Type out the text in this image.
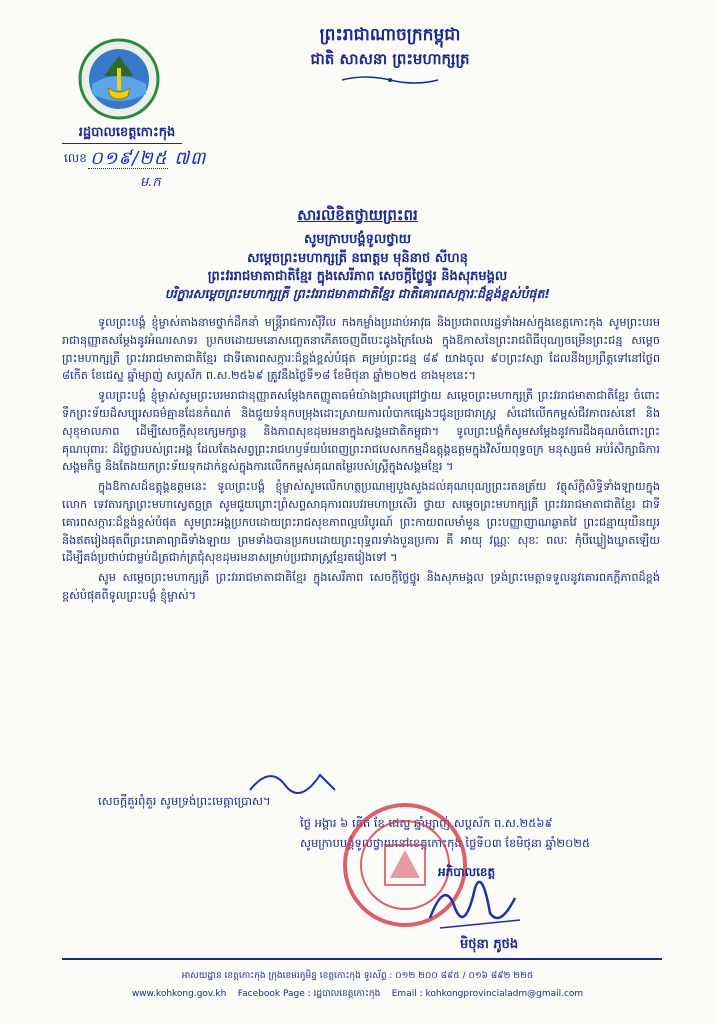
រដ្ឋបាលខេត្តកោះកុង
លេខ ០១៩/២៥ ៧៣
ម.ក
ព្រះរាជាណាចក្រកម្ពុជា
ជាតិ សាសនា ព្រះមហាក្សត្រ
សារលិខិតថ្វាយព្រះពរ
សូមក្រាបបង្គំទូលថ្វាយ
សម្តេចព្រះមហាក្សត្រី នរោត្តម មុនិនាថ សីហនុ
ព្រះវររាជមាតាជាតិខ្មែរ ក្នុងសេរីភាព សេចក្តីថ្លៃថ្នូរ និងសុភមង្គល
បរិក្ខារសម្តេចព្រះមហាក្សត្រី ព្រះវររាជមាតាជាតិខ្មែរ ជាតិគោរពសក្ការៈដ៏ខ្ពង់ខ្ពស់បំផុត!

ទូលព្រះបង្គំ ខ្ញុំម្ចាស់តាងនាមថ្នាក់ដឹកនាំ មន្ត្រីរាជការស៊ីវិល កងកម្លាំងប្រដាប់អាវុធ និងប្រជាពលរដ្ឋទាំងអស់ក្នុងខេត្តកោះកុង សូមព្រះបរមរាជានុញ្ញាតសម្តែងនូវអំណរសាទរ ប្រកបដោយមនោសញ្ចេតនាកើតចេញពីបេះដូងក្រៃលែង ក្នុងឱកាសនៃព្រះរាជពិធីបុណ្យចម្រើនព្រះជន្ម សម្តេចព្រះមហាក្សត្រី ព្រះវររាជមាតាជាតិខ្មែរ ជាទីគោរពសក្ការៈដ៏ខ្ពង់ខ្ពស់បំផុត គម្រប់ព្រះជន្ម ៨៩ យាងចូល ៩០ព្រះវស្សា ដែលនឹងប្រព្រឹត្តទៅនៅថ្ងៃព ៨កើត ខែជេស្ឋ ឆ្នាំម្សាញ់ សប្តស័ក ព.ស.២៥៦៩ ត្រូវនឹងថ្ងៃទី១៨ ខែមិថុនា ឆ្នាំ២០២៥ ខាងមុខនេះ។

ទូលព្រះបង្គំ ខ្ញុំម្ចាស់សូមព្រះបរមរាជានុញ្ញាតសម្តែងកតញ្ញូតាធម៌យ៉ាងជ្រាលជ្រៅថ្វាយ សម្តេចព្រះមហាក្សត្រី ព្រះវររាជមាតាជាតិខ្មែរ ចំពោះទឹកព្រះទ័យដ៏សប្បុរសធម៌គ្មានដែនកំណត់ និងជួយទំនុកបម្រុងដោះស្រាយការលំបាកផ្សេងៗជូនប្រជារាស្ត្រ សំដៅលើកកម្ពស់ជីវភាពរស់នៅ និងសុខុមាលភាព ដើម្បីសេចក្តីសុខក្សេមក្សាន្ត និងភាពសុខដុមរមនាក្នុងសង្គមជាតិកម្ពុជា។ ទូលព្រះបង្គំក៏សូមសម្តែងនូវការដឹងគុណចំពោះព្រះគុណបុពារៈ ដ៏ថ្លៃថ្លារបស់ព្រះអង្គ ដែលតែងសព្វព្រះរាជហឫទ័យបំពេញព្រះរាជបេសកកម្មដ៏ឧត្តុង្គឧត្តមក្នុងវិស័យពុទ្ធចក្រ មនុស្សធម៌ អប់រំសិក្សាធិការ សង្គមកិច្ច និងតែងយកព្រះទ័យទុកដាក់ខ្ពស់ក្នុងការលើកកម្ពស់គុណតម្លៃរបស់ស្ត្រីក្នុងសង្គមខ្មែរ ។

ក្នុងឱកាសដ៏ឧត្តុង្គឧត្តមនេះ ទូលព្រះបង្គំ ខ្ញុំម្ចាស់សូមលើកហត្ថប្រណម្យបួងសួងដល់គុណបុណ្យព្រះរតនត្រ័យ វត្ថុស័ក្តិសិទ្ធិទាំងឡាយក្នុងលោក ទេវតារក្សាព្រះមហាស្វេតច្ឆត្រ សូមជួយព្រោះព្រំសព្ទសាធុការពរបវរមហាប្រសើរ ថ្វាយ សម្តេចព្រះមហាក្សត្រី ព្រះវររាជមាតាជាតិខ្មែរ ជាទីគោរពសក្ការៈដ៏ខ្ពង់ខ្ពស់បំផុត សូមព្រះអង្គប្រកបដោយព្រះរាជសុខភាពល្អបរិបូរណ៍ ព្រះកាយពលមាំមួន ព្រះបញ្ញាញាណឆ្លាតវៃ ព្រះជន្មាយុយឺនយូរ និងឥតរៀងផុតពីព្រះរោគាព្យាធិទាំងឡាយ ព្រមទាំងបានប្រកបដោយព្រះពុទ្ធពរទាំងបួនប្រការ គឺ អាយុ វណ្ណៈ សុខៈ ពលៈ កុំបីឃ្លៀងឃ្លាតឡើយ ដើម្បីគង់ប្រថាប់ជាម្លប់ដ៏ត្រជាក់ត្រជុំសុខដុមរមនាសម្រាប់ប្រជារាស្ត្រខ្មែរតរៀងទៅ ។

សូម សម្តេចព្រះមហាក្សត្រី ព្រះវររាជមាតាជាតិខ្មែរ ក្នុងសេរីភាព សេចក្តីថ្លៃថ្នូរ និងសុភមង្គល ទ្រង់ព្រះមេត្តាទទួលនូវគោរពភក្តីភាពដ៏ខ្ពង់ខ្ពស់បំផុតពីទូលព្រះបង្គំ ខ្ញុំម្ចាស់។

សេចក្តីគួរពុំគួរ សូមទ្រង់ព្រះមេត្តាប្រោស។
ថ្ងៃ អង្គារ ៦ កើត ខែ ជេស្ឋ ឆ្នាំម្សាញ់ សប្តស័ក ព.ស.២៥៦៩
សូមក្រាបបង្គំទូលថ្វាយនៅខេត្តកោះកុង ថ្ងៃទី០៣ ខែមិថុនា ឆ្នាំ២០២៥
អភិបាលខេត្ត
មិថុនា ភូថង
អាសយដ្ឋាន ខេត្តកោះកុង ក្រុងខេមរភូមិន្ទ ខេត្តកោះកុង ទូរស័ព្ទ : ០១២ ២០០ ៨៩៥ / ០១៦ ៨៩២ ២២៥
www.kohkong.gov.kh Facebook Page : រដ្ឋបាលខេត្តកោះកុង Email : kohkongprovincialadm@gmail.com
